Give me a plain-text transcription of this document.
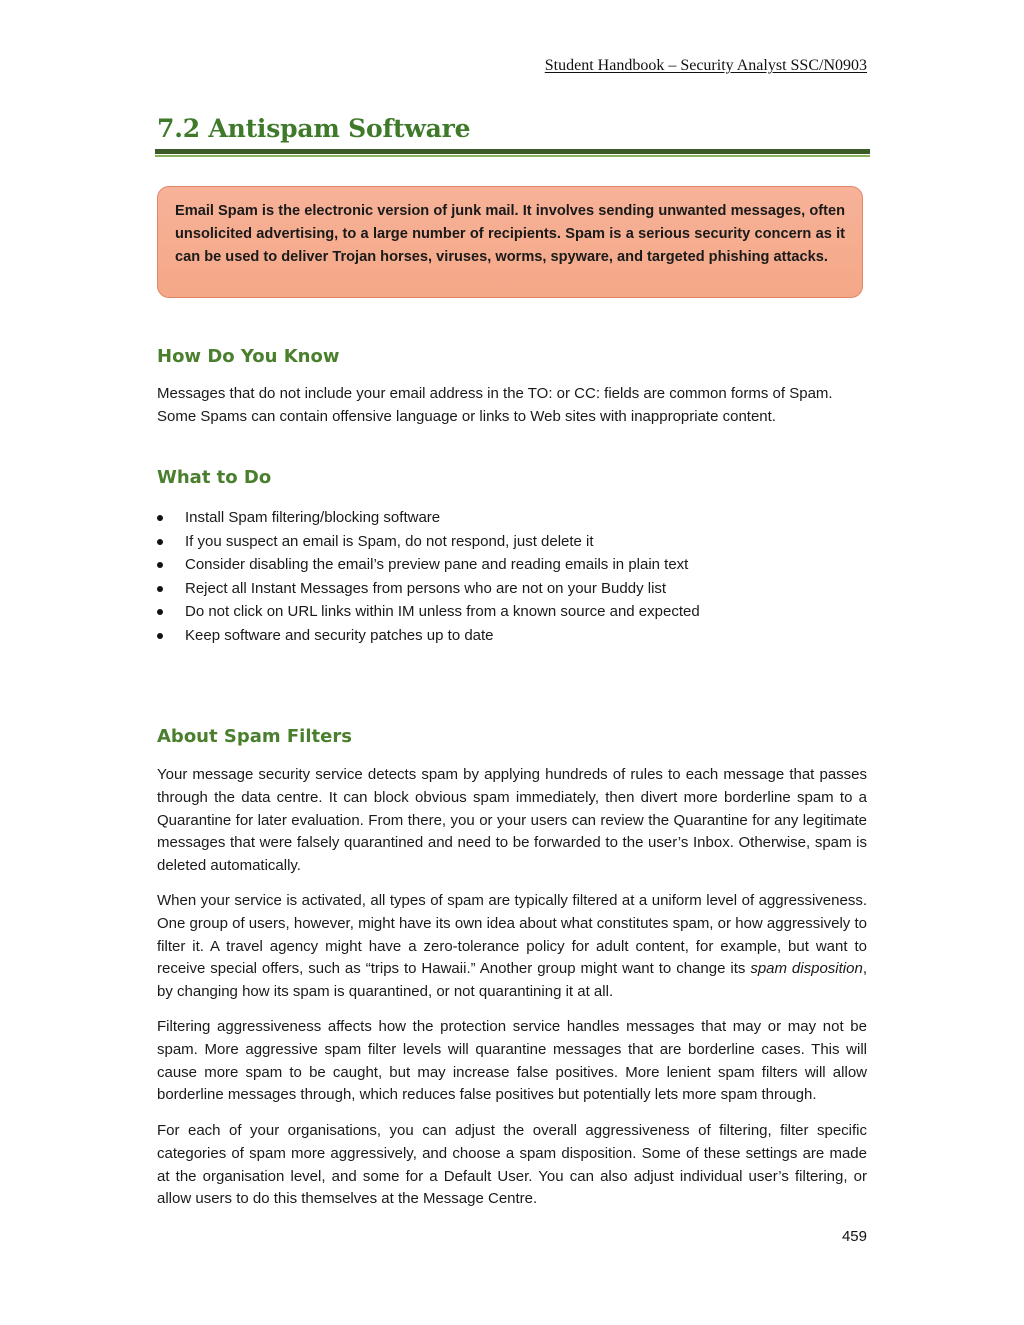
Student Handbook – Security Analyst SSC/N0903
7.2 Antispam Software
Email Spam is the electronic version of junk mail. It involves sending unwanted messages, often unsolicited advertising, to a large number of recipients. Spam is a serious security concern as it can be used to deliver Trojan horses, viruses, worms, spyware, and targeted phishing attacks.
How Do You Know

Messages that do not include your email address in the TO: or CC: fields are common forms of Spam. Some Spams can contain offensive language or links to Web sites with inappropriate content.

What to Do
Install Spam filtering/blocking software
If you suspect an email is Spam, do not respond, just delete it
Consider disabling the email’s preview pane and reading emails in plain text
Reject all Instant Messages from persons who are not on your Buddy list
Do not click on URL links within IM unless from a known source and expected
Keep software and security patches up to date
About Spam Filters

Your message security service detects spam by applying hundreds of rules to each message that passes through the data centre. It can block obvious spam immediately, then divert more borderline spam to a Quarantine for later evaluation. From there, you or your users can review the Quarantine for any legitimate messages that were falsely quarantined and need to be forwarded to the user’s Inbox. Otherwise, spam is deleted automatically.

When your service is activated, all types of spam are typically filtered at a uniform level of aggressiveness. One group of users, however, might have its own idea about what constitutes spam, or how aggressively to filter it. A travel agency might have a zero-tolerance policy for adult content, for example, but want to receive special offers, such as “trips to Hawaii.” Another group might want to change its spam disposition, by changing how its spam is quarantined, or not quarantining it at all.

Filtering aggressiveness affects how the protection service handles messages that may or may not be spam. More aggressive spam filter levels will quarantine messages that are borderline cases. This will cause more spam to be caught, but may increase false positives. More lenient spam filters will allow borderline messages through, which reduces false positives but potentially lets more spam through.

For each of your organisations, you can adjust the overall aggressiveness of filtering, filter specific categories of spam more aggressively, and choose a spam disposition. Some of these settings are made at the organisation level, and some for a Default User. You can also adjust individual user’s filtering, or allow users to do this themselves at the Message Centre.

459
